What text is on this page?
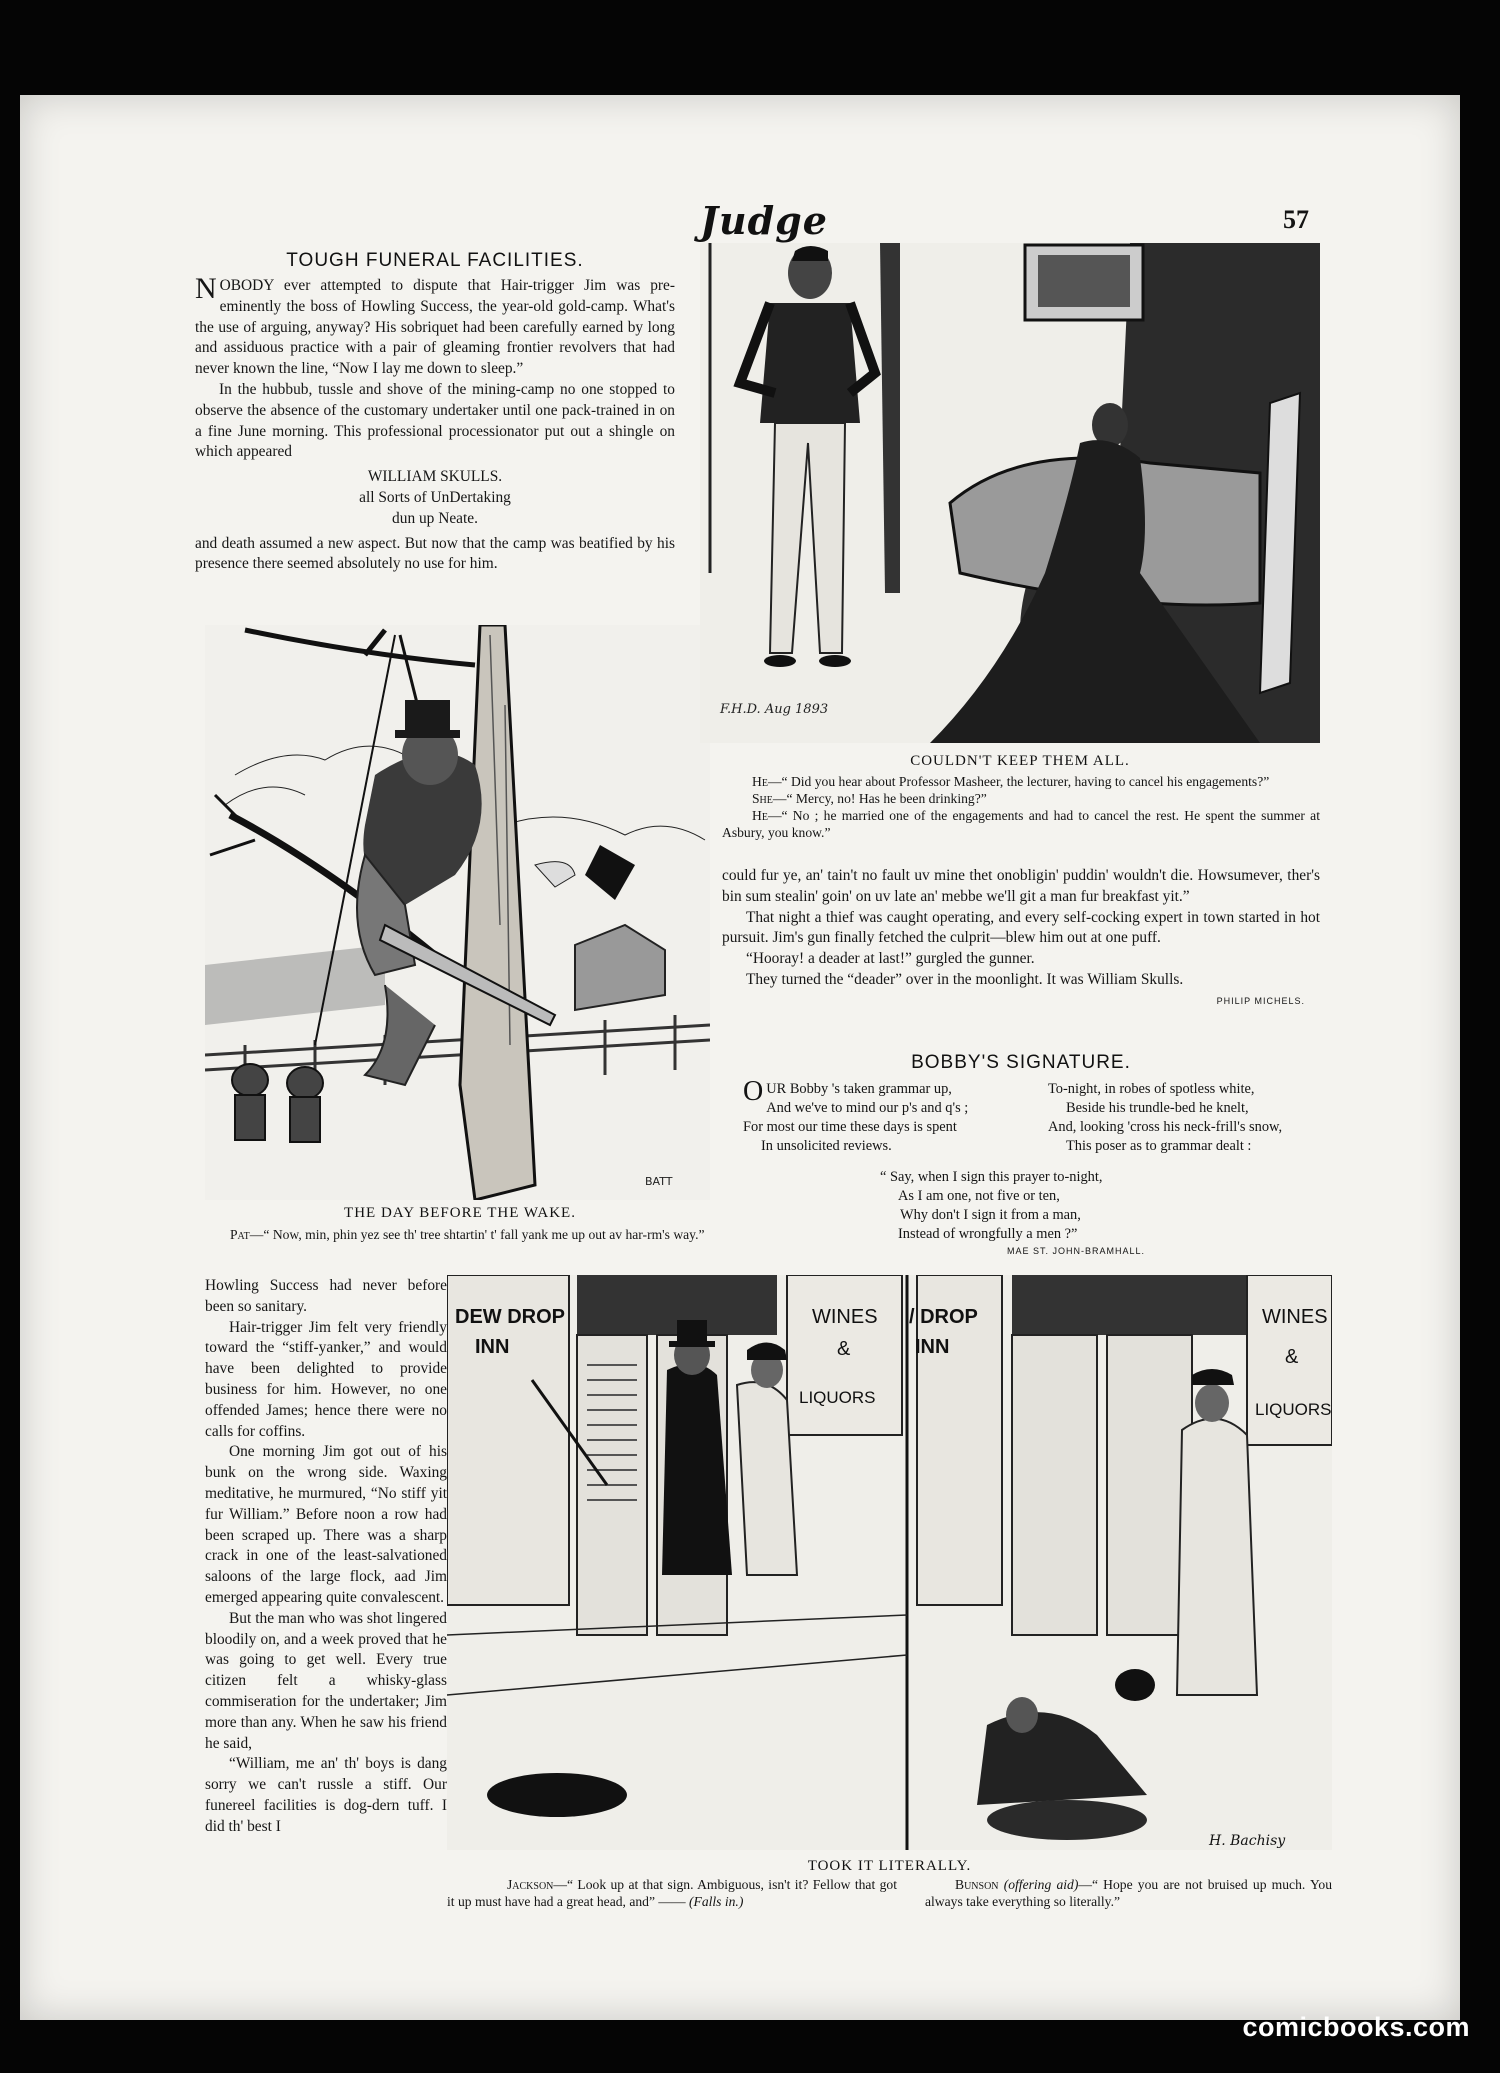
Judge	57
TOUGH FUNERAL FACILITIES.

NOBODY ever attempted to dispute that Hair-trigger Jim was pre-eminently the boss of Howling Success, the year-old gold-camp. What's the use of arguing, anyway? His sobriquet had been carefully earned by long and assiduous practice with a pair of gleaming frontier revolvers that had never known the line, “Now I lay me down to sleep.”

In the hubbub, tussle and shove of the mining-camp no one stopped to observe the absence of the customary undertaker until one pack-trained in on a fine June morning. This professional processionator put out a shingle on which appeared

WILLIAM SKULLS.
all Sorts of UnDertaking
dun up Neate.

and death assumed a new aspect. But now that the camp was beatified by his presence there seemed absolutely no use for him.

BATT
THE DAY BEFORE THE WAKE.

Pat—“ Now, min, phin yez see th' tree shtartin' t' fall yank me up out av har-rm's way.”

Howling Success had never before been so sanitary.

Hair-trigger Jim felt very friendly toward the “stiff-yanker,” and would have been delighted to provide business for him. However, no one offended James; hence there were no calls for coffins.

One morning Jim got out of his bunk on the wrong side. Waxing meditative, he murmured, “No stiff yit fur William.” Before noon a row had been scraped up. There was a sharp crack in one of the least-salvationed saloons of the large flock, aad Jim emerged appearing quite convalescent.

But the man who was shot lingered bloodily on, and a week proved that he was going to get well. Every true citizen felt a whisky-glass commiseration for the undertaker; Jim more than any. When he saw his friend he said,

“William, me an' th' boys is dang sorry we can't russle a stiff. Our funereel facilities is dog-dern tuff. I did th' best I

F.H.D. Aug 1893
COULDN'T KEEP THEM ALL.
He—“ Did you hear about Professor Masheer, the lecturer, having to cancel his engagements?”
She—“ Mercy, no! Has he been drinking?”
He—“ No ; he married one of the engagements and had to cancel the rest. He spent the summer at Asbury, you know.”

could fur ye, an' tain't no fault uv mine thet onobligin' puddin' wouldn't die. Howsumever, ther's bin sum stealin' goin' on uv late an' mebbe we'll git a man fur breakfast yit.”

That night a thief was caught operating, and every self-cocking expert in town started in hot pursuit. Jim's gun finally fetched the culprit—blew him out at one puff.

“Hooray! a deader at last!” gurgled the gunner.

They turned the “deader” over in the moonlight. It was William Skulls.

PHILIP MICHELS.
BOBBY'S SIGNATURE.
OUR Bobby 's taken grammar up,
And we've to mind our p's and q's ;
For most our time these days is spent
In unsolicited reviews.
To-night, in robes of spotless white,
Beside his trundle-bed he knelt,
And, looking 'cross his neck-frill's snow,
This poser as to grammar dealt :
“ Say, when I sign this prayer to-night,
As I am one, not five or ten,
Why don't I sign it from a man,
Instead of wrongfully a men ?”
MAE ST. JOHN-BRAMHALL.
DEW DROP
INN
WINES
&
LIQUORS
/ DROP
INN
WINES
&
LIQUORS
H. Bachisy
TOOK IT LITERALLY.
Jackson—“ Look up at that sign. Ambiguous, isn't it? Fellow that got it up must have had a great head, and” —— (Falls in.)
Bunson (offering aid)—“ Hope you are not bruised up much. You always take everything so literally.”
comicbooks.com
